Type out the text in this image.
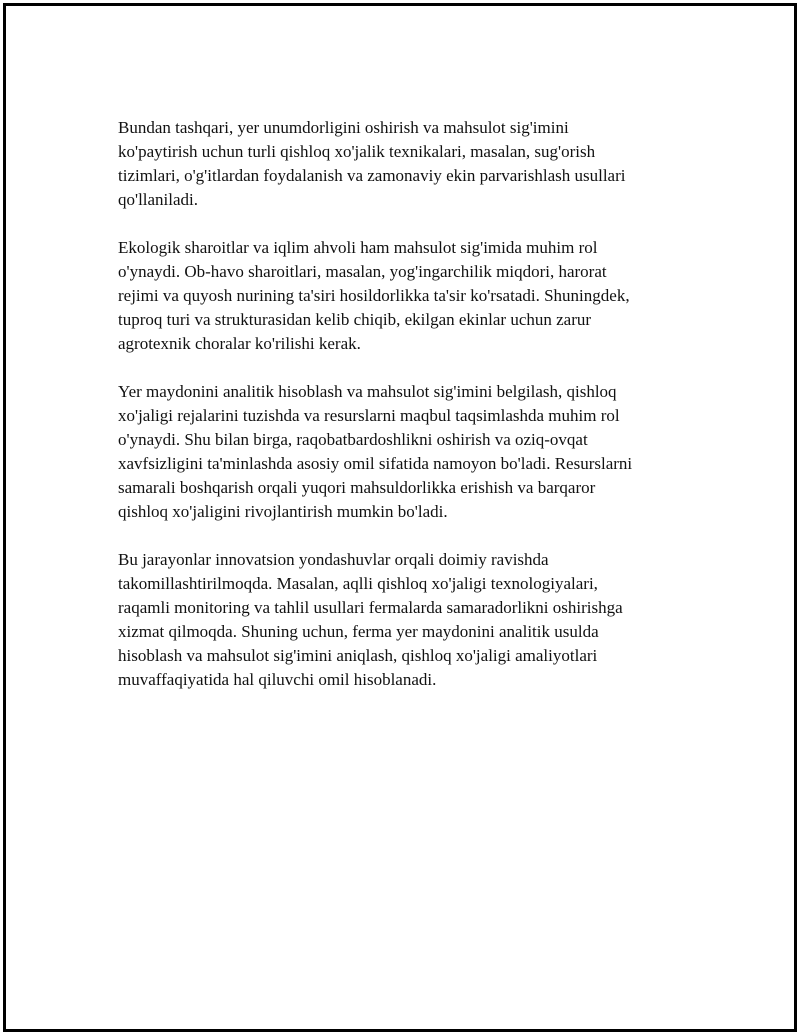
Bundan tashqari, yer unumdorligini oshirish va mahsulot sig'imini
ko'paytirish uchun turli qishloq xo'jalik texnikalari, masalan, sug'orish
tizimlari, o'g'itlardan foydalanish va zamonaviy ekin parvarishlash usullari
qo'llaniladi.

Ekologik sharoitlar va iqlim ahvoli ham mahsulot sig'imida muhim rol
o'ynaydi. Ob-havo sharoitlari, masalan, yog'ingarchilik miqdori, harorat
rejimi va quyosh nurining ta'siri hosildorlikka ta'sir ko'rsatadi. Shuningdek,
tuproq turi va strukturasidan kelib chiqib, ekilgan ekinlar uchun zarur
agrotexnik choralar ko'rilishi kerak.

Yer maydonini analitik hisoblash va mahsulot sig'imini belgilash, qishloq
xo'jaligi rejalarini tuzishda va resurslarni maqbul taqsimlashda muhim rol
o'ynaydi. Shu bilan birga, raqobatbardoshlikni oshirish va oziq-ovqat
xavfsizligini ta'minlashda asosiy omil sifatida namoyon bo'ladi. Resurslarni
samarali boshqarish orqali yuqori mahsuldorlikka erishish va barqaror
qishloq xo'jaligini rivojlantirish mumkin bo'ladi.

Bu jarayonlar innovatsion yondashuvlar orqali doimiy ravishda
takomillashtirilmoqda. Masalan, aqlli qishloq xo'jaligi texnologiyalari,
raqamli monitoring va tahlil usullari fermalarda samaradorlikni oshirishga
xizmat qilmoqda. Shuning uchun, ferma yer maydonini analitik usulda
hisoblash va mahsulot sig'imini aniqlash, qishloq xo'jaligi amaliyotlari
muvaffaqiyatida hal qiluvchi omil hisoblanadi.
